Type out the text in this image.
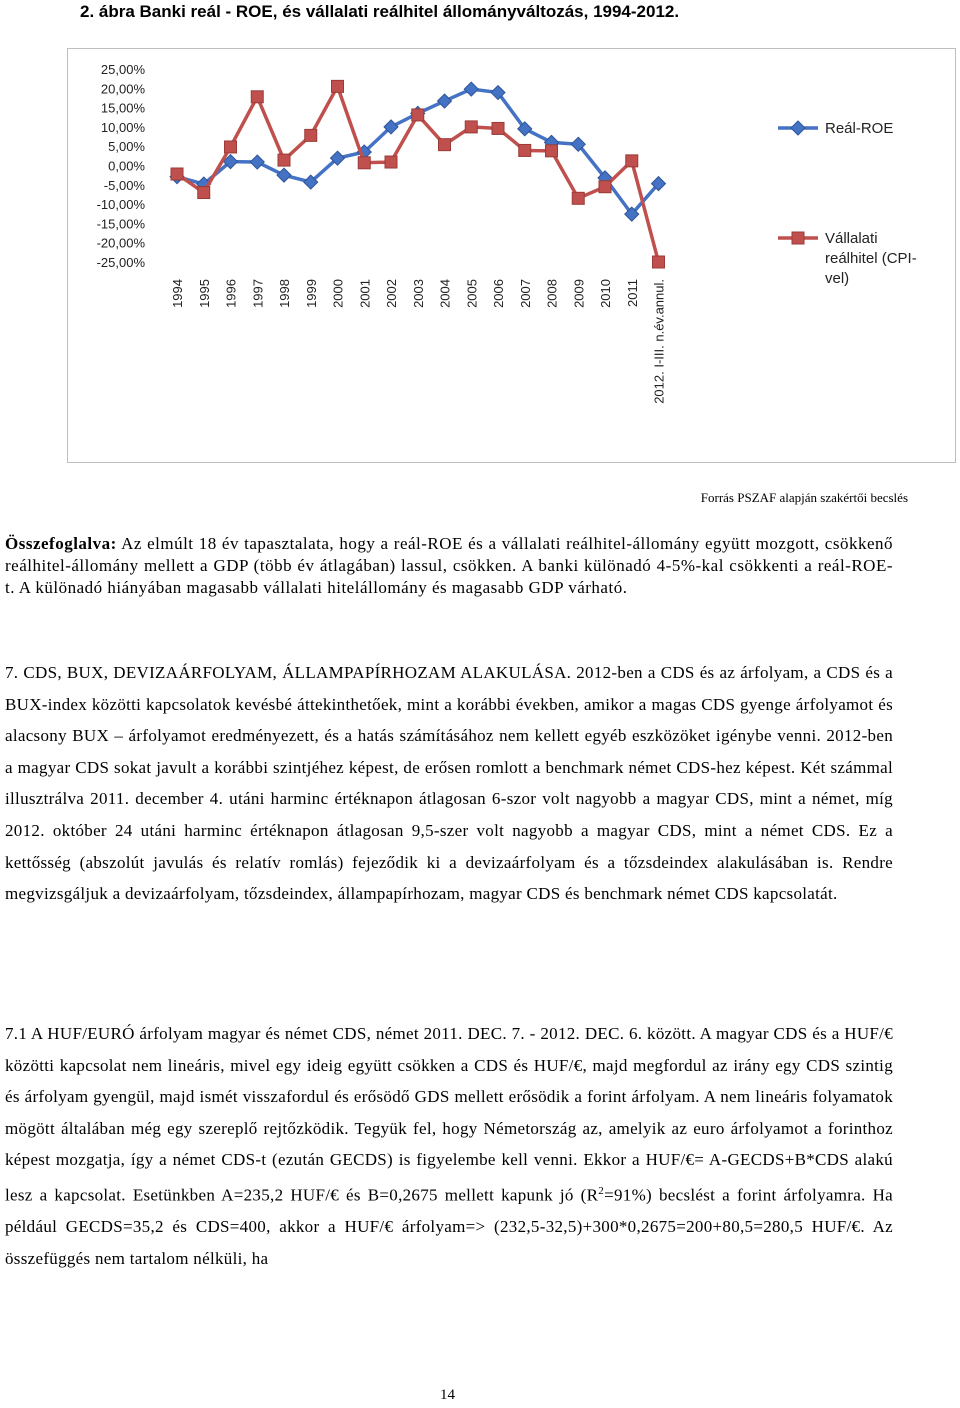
2. ábra Banki reál - ROE, és vállalati reálhitel állományváltozás, 1994-2012.
25,00%
20,00%
15,00%
10,00%
5,00%
0,00%
-5,00%
-10,00%
-15,00%
-20,00%
-25,00%
1994 1995 1996 1997 1998 1999 2000 2001 2002 2003 2004 2005 2006 2007 2008 2009 2010 2011 2012. I-III. n.év.annul.
Reál-ROE
Vállalati reálhitel (CPI-vel)
Forrás PSZAF alapján szakértői becslés

Összefoglalva: Az elmúlt 18 év tapasztalata, hogy a reál-ROE és a vállalati reálhitel-állomány együtt mozgott, csökkenő reálhitel-állomány mellett a GDP (több év átlagában) lassul, csökken. A banki különadó 4-5%-kal csökkenti a reál-ROE-t. A különadó hiányában magasabb vállalati hitelállomány és magasabb GDP várható.

7. CDS, BUX, DEVIZAÁRFOLYAM, ÁLLAMPAPÍRHOZAM ALAKULÁSA. 2012-ben a CDS és az árfolyam, a CDS és a BUX-index közötti kapcsolatok kevésbé áttekinthetőek, mint a korábbi években, amikor a magas CDS gyenge árfolyamot és alacsony BUX – árfolyamot eredményezett, és a hatás számításához nem kellett egyéb eszközöket igénybe venni. 2012-ben a magyar CDS sokat javult a korábbi szintjéhez képest, de erősen romlott a benchmark német CDS-hez képest. Két számmal illusztrálva 2011. december 4. utáni harminc értéknapon átlagosan 6-szor volt nagyobb a magyar CDS, mint a német, míg 2012. október 24 utáni harminc értéknapon átlagosan 9,5-szer volt nagyobb a magyar CDS, mint a német CDS. Ez a kettősség (abszolút javulás és relatív romlás) fejeződik ki a devizaárfolyam és a tőzsdeindex alakulásában is. Rendre megvizsgáljuk a devizaárfolyam, tőzsdeindex, állampapírhozam, magyar CDS és benchmark német CDS kapcsolatát.

7.1 A HUF/EURÓ árfolyam magyar és német CDS, német 2011. DEC. 7. - 2012. DEC. 6. között. A magyar CDS és a HUF/€ közötti kapcsolat nem lineáris, mivel egy ideig együtt csökken a CDS és HUF/€, majd megfordul az irány egy CDS szintig és árfolyam gyengül, majd ismét visszafordul és erősödő GDS mellett erősödik a forint árfolyam. A nem lineáris folyamatok mögött általában még egy szereplő rejtőzködik. Tegyük fel, hogy Németország az, amelyik az euro árfolyamot a forinthoz képest mozgatja, így a német CDS-t (ezután GECDS) is figyelembe kell venni. Ekkor a HUF/€= A-GECDS+B*CDS alakú lesz a kapcsolat. Esetünkben A=235,2 HUF/€ és B=0,2675 mellett kapunk jó $(R^2=91\%)$ becslést a forint árfolyamra. Ha például GECDS=35,2 és CDS=400, akkor a HUF/€ árfolyam=> (232,5-32,5)+300*0,2675=200+80,5=280,5 HUF/€. Az összefüggés nem tartalom nélküli, ha

14
